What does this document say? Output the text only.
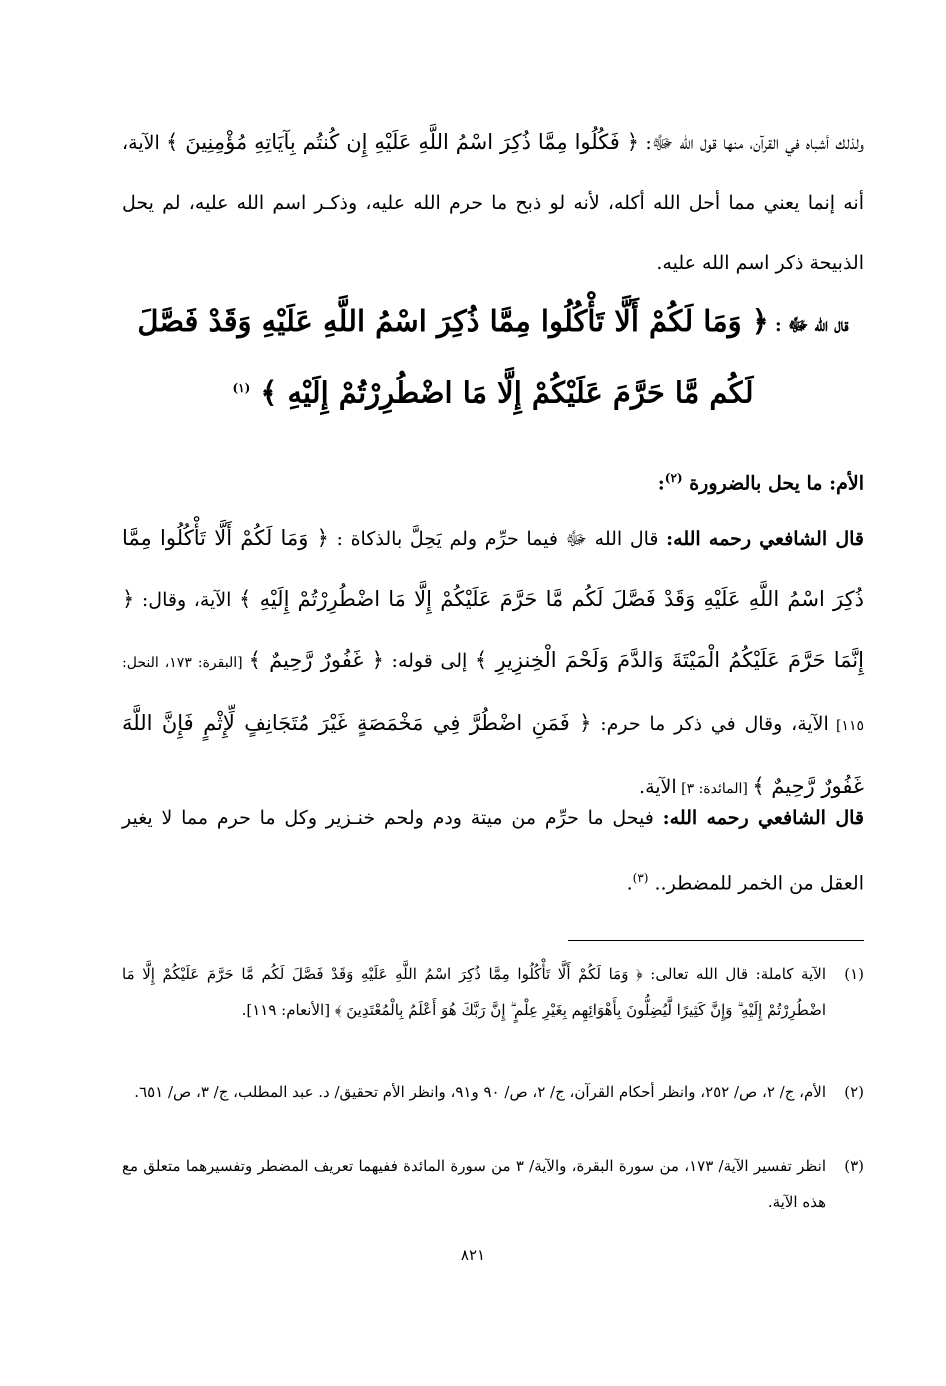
ولذلك أشباه في القرآن، منها قول الله ﷻ: ﴿ فَكُلُوا مِمَّا ذُكِرَ اسْمُ اللَّهِ عَلَيْهِ إِن كُنتُم بِآيَاتِهِ مُؤْمِنِينَ ﴾ الآية، أنه إنما يعني مما أحل الله أكله، لأنه لو ذبح ما حرم الله عليه، وذكـر اسم الله عليه، لم يحل الذبيحة ذكر اسم الله عليه.

قال الله ﷻ : ﴿ وَمَا لَكُمْ أَلَّا تَأْكُلُوا مِمَّا ذُكِرَ اسْمُ اللَّهِ عَلَيْهِ وَقَدْ فَصَّلَ لَكُم مَّا حَرَّمَ عَلَيْكُمْ إِلَّا مَا اضْطُرِرْتُمْ إِلَيْهِ ﴾ $^{(١)}$

الأم: ما يحل بالضرورة $^{(٢)}$:

قال الشافعي رحمه الله: قال الله ﷻ فيما حرِّم ولم يَحِلَّ بالذكاة : ﴿ وَمَا لَكُمْ أَلَّا تَأْكُلُوا مِمَّا ذُكِرَ اسْمُ اللَّهِ عَلَيْهِ وَقَدْ فَصَّلَ لَكُم مَّا حَرَّمَ عَلَيْكُمْ إِلَّا مَا اضْطُرِرْتُمْ إِلَيْهِ ﴾ الآية، وقال: ﴿ إِنَّمَا حَرَّمَ عَلَيْكُمُ الْمَيْتَةَ وَالدَّمَ وَلَحْمَ الْخِنزِيرِ ﴾ إلى قوله: ﴿ غَفُورٌ رَّحِيمٌ ﴾ [البقرة: ١٧٣، النحل: ١١٥] الآية، وقال في ذكر ما حرم: ﴿ فَمَنِ اضْطُرَّ فِي مَخْمَصَةٍ غَيْرَ مُتَجَانِفٍ لِّإِثْمٍ فَإِنَّ اللَّهَ غَفُورٌ رَّحِيمٌ ﴾ [المائدة: ٣] الآية.

قال الشافعي رحمه الله: فيحل ما حرِّم من ميتة ودم ولحم خنـزير وكل ما حرم مما لا يغير العقل من الخمر للمضطر.. $^{(٣)}$.

(١)
الآية كاملة: قال الله تعالى: ﴿ وَمَا لَكُمْ أَلَّا تَأْكُلُوا مِمَّا ذُكِرَ اسْمُ اللَّهِ عَلَيْهِ وَقَدْ فَصَّلَ لَكُم مَّا حَرَّمَ عَلَيْكُمْ إِلَّا مَا اضْطُرِرْتُمْ إِلَيْهِ ۗ وَإِنَّ كَثِيرًا لَّيُضِلُّونَ بِأَهْوَائِهِم بِغَيْرِ عِلْمٍ ۗ إِنَّ رَبَّكَ هُوَ أَعْلَمُ بِالْمُعْتَدِينَ ﴾ [الأنعام: ١١٩].
(٢)
الأم، ج/ ٢، ص/ ٢٥٢، وانظر أحكام القرآن، ج/ ٢، ص/ ٩٠ و٩١، وانظر الأم تحقيق/ د. عبد المطلب، ج/ ٣، ص/ ٦٥١.
(٣)
انظر تفسير الآية/ ١٧٣، من سورة البقرة، والآية/ ٣ من سورة المائدة ففيهما تعريف المضطر وتفسيرهما متعلق مع هذه الآية.
٨٢١
